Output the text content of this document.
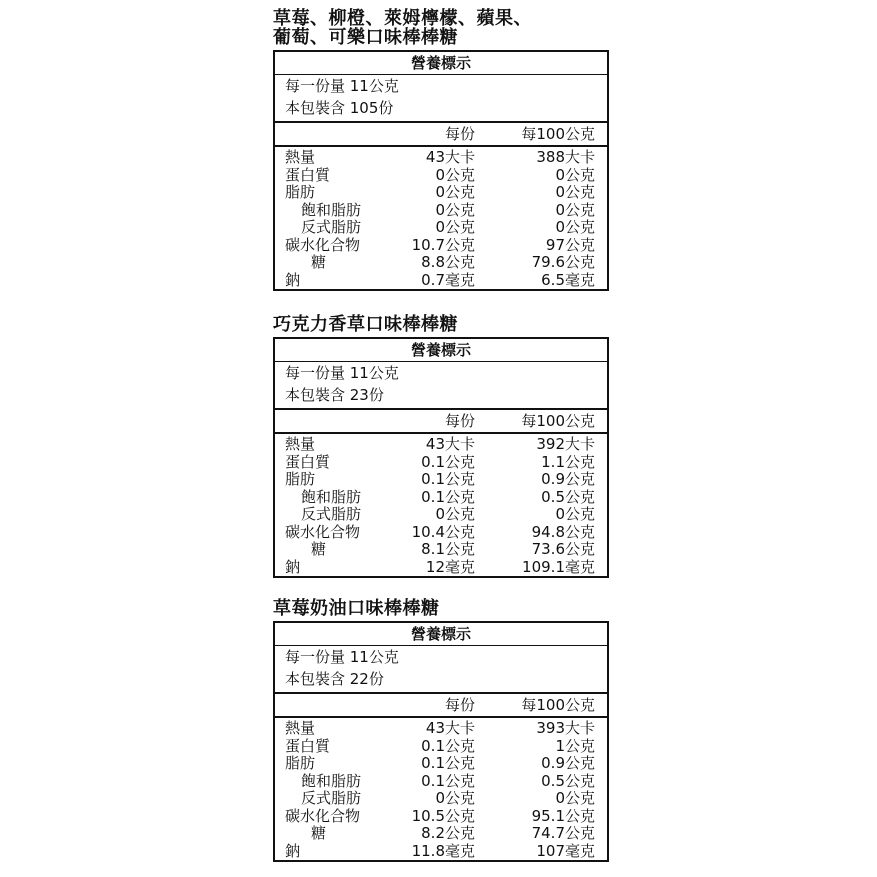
草莓、柳橙、萊姆檸檬、蘋果、
葡萄、可樂口味棒棒糖
營養標示
每一份量 11公克
本包裝含 105份
每份	每100公克
熱量	43大卡	388大卡
蛋白質	0公克	0公克
脂肪	0公克	0公克
飽和脂肪	0公克	0公克
反式脂肪	0公克	0公克
碳水化合物	10.7公克	97公克
糖	8.8公克	79.6公克
鈉	0.7毫克	6.5毫克
巧克力香草口味棒棒糖
營養標示
每一份量 11公克
本包裝含 23份
每份	每100公克
熱量	43大卡	392大卡
蛋白質	0.1公克	1.1公克
脂肪	0.1公克	0.9公克
飽和脂肪	0.1公克	0.5公克
反式脂肪	0公克	0公克
碳水化合物	10.4公克	94.8公克
糖	8.1公克	73.6公克
鈉	12毫克	109.1毫克
草莓奶油口味棒棒糖
營養標示
每一份量 11公克
本包裝含 22份
每份	每100公克
熱量	43大卡	393大卡
蛋白質	0.1公克	1公克
脂肪	0.1公克	0.9公克
飽和脂肪	0.1公克	0.5公克
反式脂肪	0公克	0公克
碳水化合物	10.5公克	95.1公克
糖	8.2公克	74.7公克
鈉	11.8毫克	107毫克
